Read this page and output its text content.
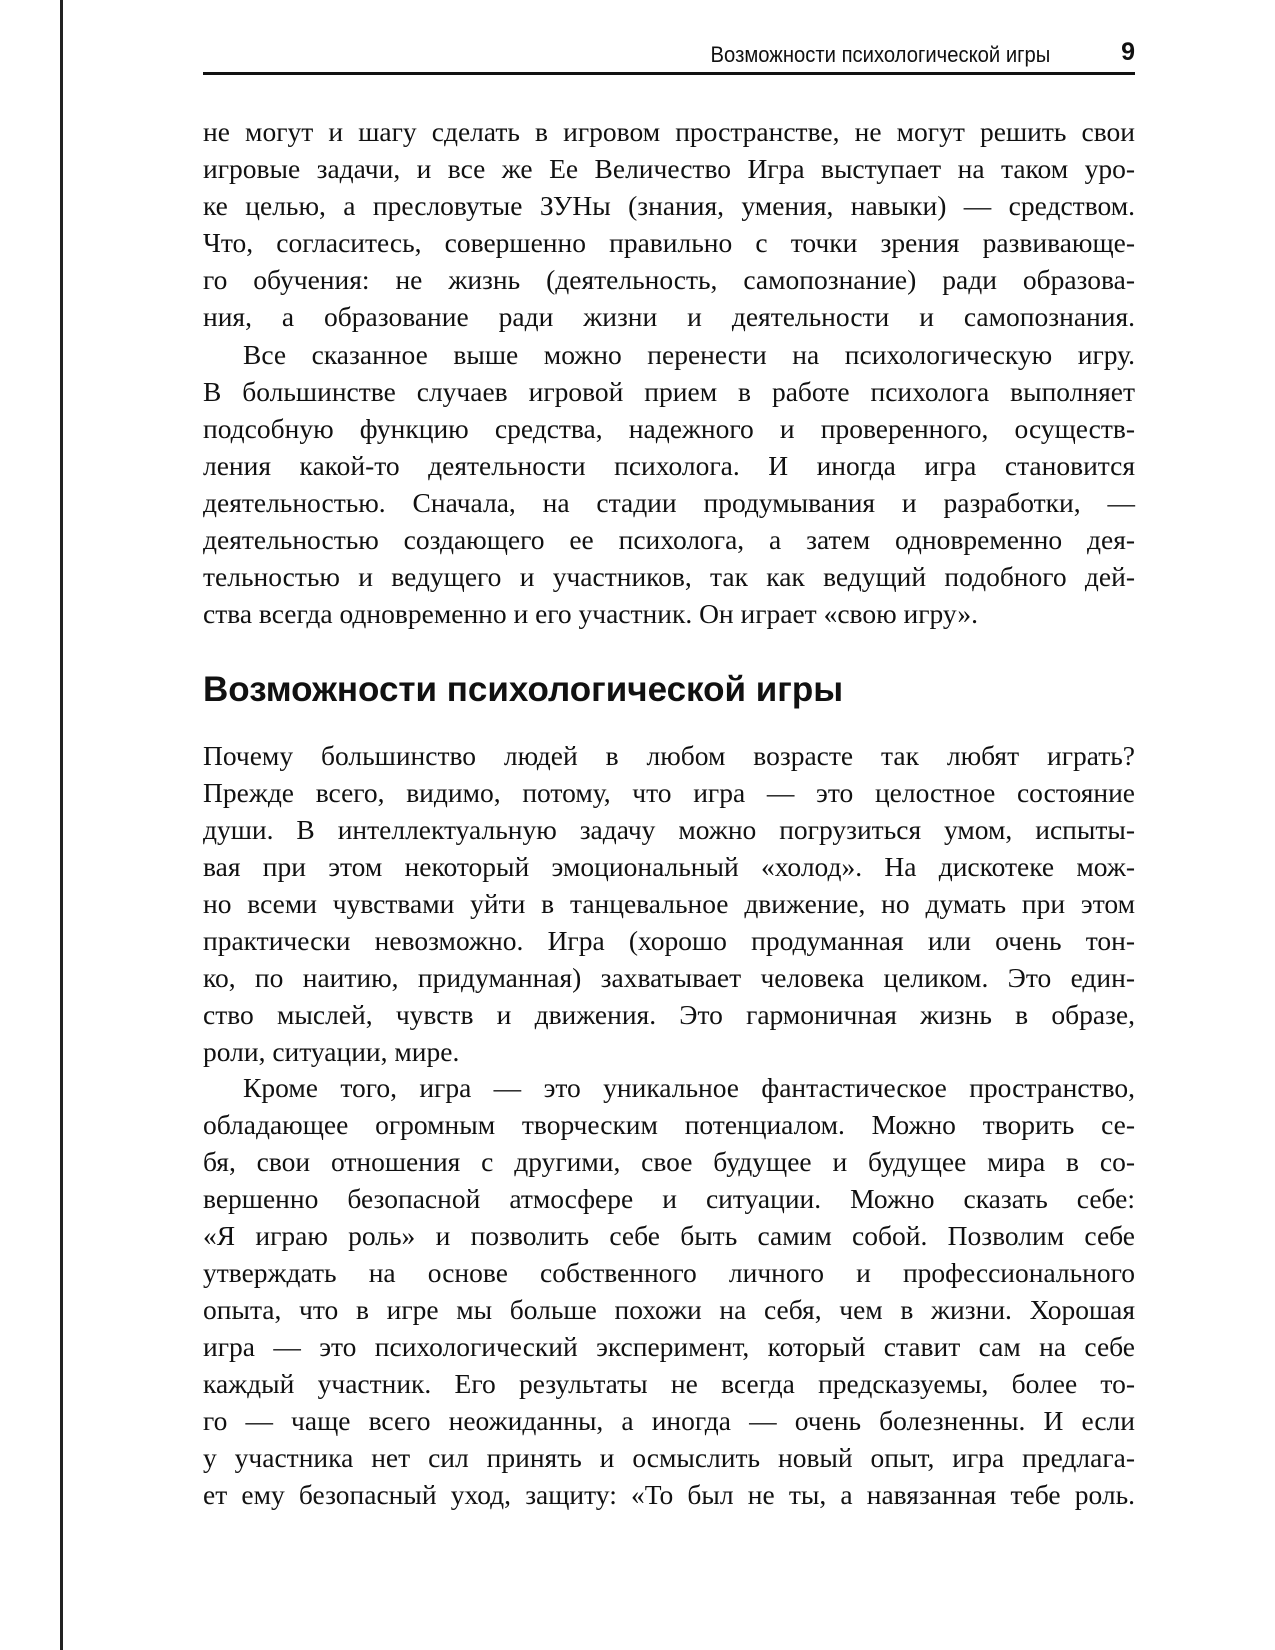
Возможности психологической игры	9
не могут и шагу сделать в игровом пространстве, не могут решить свои
игровые задачи, и все же Ее Величество Игра выступает на таком уро-
ке целью, а пресловутые ЗУНы (знания, умения, навыки) — средством.
Что, согласитесь, совершенно правильно с точки зрения развивающе-
го обучения: не жизнь (деятельность, самопознание) ради образова-
ния, а образование ради жизни и деятельности и самопознания.
Все сказанное выше можно перенести на психологическую игру.
В большинстве случаев игровой прием в работе психолога выполняет
подсобную функцию средства, надежного и проверенного, осуществ-
ления какой-то деятельности психолога. И иногда игра становится
деятельностью. Сначала, на стадии продумывания и разработки, —
деятельностью создающего ее психолога, а затем одновременно дея-
тельностью и ведущего и участников, так как ведущий подобного дей-
ства всегда одновременно и его участник. Он играет «свою игру».
Возможности психологической игры
Почему большинство людей в любом возрасте так любят играть?
Прежде всего, видимо, потому, что игра — это целостное состояние
души. В интеллектуальную задачу можно погрузиться умом, испыты-
вая при этом некоторый эмоциональный «холод». На дискотеке мож-
но всеми чувствами уйти в танцевальное движение, но думать при этом
практически невозможно. Игра (хорошо продуманная или очень тон-
ко, по наитию, придуманная) захватывает человека целиком. Это един-
ство мыслей, чувств и движения. Это гармоничная жизнь в образе,
роли, ситуации, мире.
Кроме того, игра — это уникальное фантастическое пространство,
обладающее огромным творческим потенциалом. Можно творить се-
бя, свои отношения с другими, свое будущее и будущее мира в со-
вершенно безопасной атмосфере и ситуации. Можно сказать себе:
«Я играю роль» и позволить себе быть самим собой. Позволим себе
утверждать на основе собственного личного и профессионального
опыта, что в игре мы больше похожи на себя, чем в жизни. Хорошая
игра — это психологический эксперимент, который ставит сам на себе
каждый участник. Его результаты не всегда предсказуемы, более то-
го — чаще всего неожиданны, а иногда — очень болезненны. И если
у участника нет сил принять и осмыслить новый опыт, игра предлага-
ет ему безопасный уход, защиту: «То был не ты, а навязанная тебе роль.
